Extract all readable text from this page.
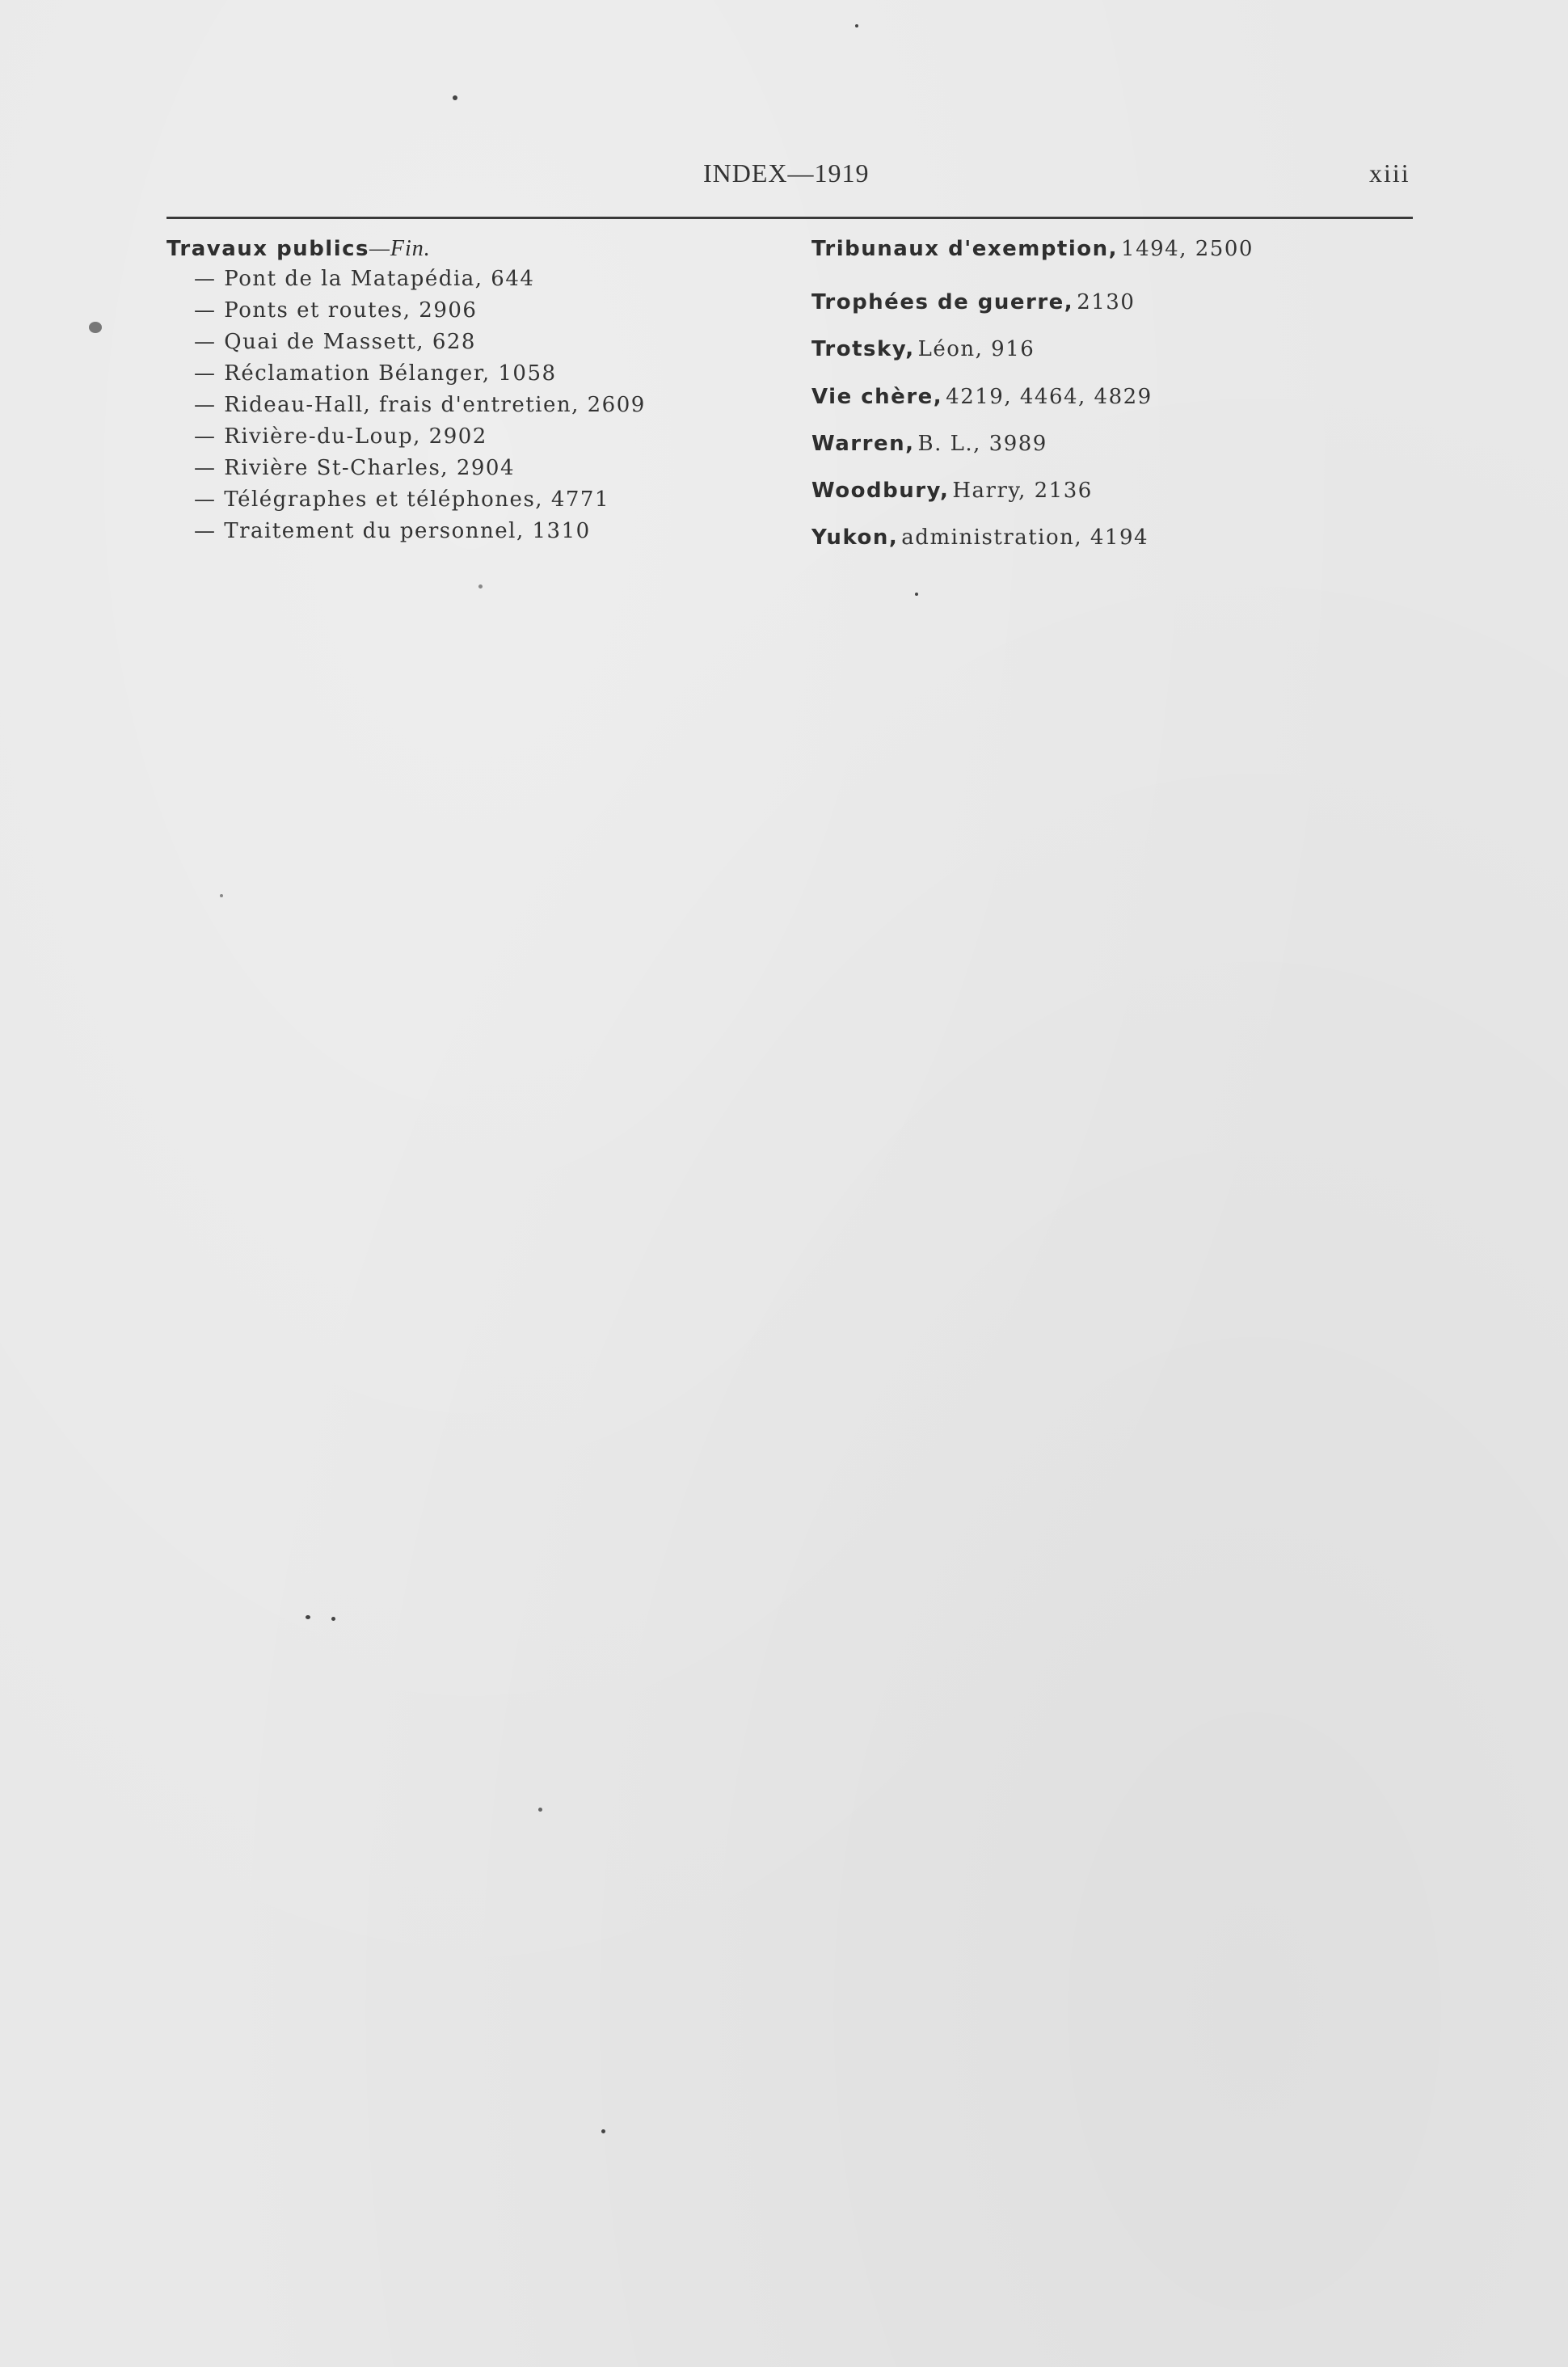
INDEX—1919	xiii
Travaux publics—Fin.
— Pont de la Matapédia, 644
— Ponts et routes, 2906
— Quai de Massett, 628
— Réclamation Bélanger, 1058
— Rideau-Hall, frais d'entretien, 2609
— Rivière-du-Loup, 2902
— Rivière St-Charles, 2904
— Télégraphes et téléphones, 4771
— Traitement du personnel, 1310
Tribunaux d'exemption, 1494, 2500
Trophées de guerre, 2130
Trotsky, Léon, 916
Vie chère, 4219, 4464, 4829
Warren, B. L., 3989
Woodbury, Harry, 2136
Yukon, administration, 4194
